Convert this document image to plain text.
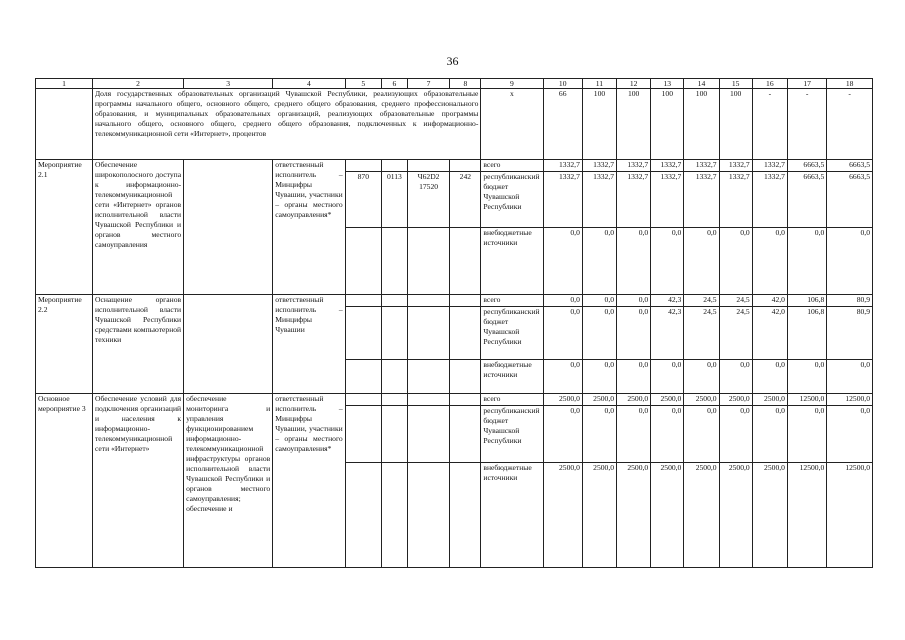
36
1	2	3	4	5	6	7	8	9	10	11	12	13	14	15	16	17	18
	Доля государственных образовательных организаций Чувашской Республики, реализующих образовательные программы начального общего, основного общего, среднего общего образования, среднего профессионального образования, и муниципальных образовательных организаций, реализующих образовательные программы начального общего, основного общего, среднего общего образования, подключенных к информационно-телекоммуникационной сети «Интернет», процентов							x	66	100	100	100	100	100	-	-	-
Мероприятие 2.1	Обеспечение широкополосного доступа к информационно-телекоммуникационной сети «Интернет» органов исполнительной власти Чувашской Республики и органов местного самоуправления		ответственный исполнитель – Минцифры Чувашии, участники – органы местного самоуправления*					всего	1332,7	1332,7	1332,7	1332,7	1332,7	1332,7	1332,7	6663,5	6663,5
				870	0113	Ч62D2 17520	242	республиканский бюджет Чувашской Республики	1332,7	1332,7	1332,7	1332,7	1332,7	1332,7	1332,7	6663,5	6663,5
								внебюджетные источники	0,0	0,0	0,0	0,0	0,0	0,0	0,0	0,0	0,0
Мероприятие 2.2	Оснащение органов исполнительной власти Чувашской Республики средствами компьютерной техники		ответственный исполнитель – Минцифры Чувашии					всего	0,0	0,0	0,0	42,3	24,5	24,5	42,0	106,8	80,9
								республиканский бюджет Чувашской Республики	0,0	0,0	0,0	42,3	24,5	24,5	42,0	106,8	80,9
								внебюджетные источники	0,0	0,0	0,0	0,0	0,0	0,0	0,0	0,0	0,0
Основное мероприятие 3	Обеспечение условий для подключения организаций и населения к информационно-телекоммуникационной сети «Интернет»	обеспечение мониторинга и управления функционированием информационно-телекоммуникационной инфраструктуры органов исполнительной власти Чувашской Республики и органов местного самоуправления; обеспечение и	ответственный исполнитель – Минцифры Чувашии, участники – органы местного самоуправления*					всего	2500,0	2500,0	2500,0	2500,0	2500,0	2500,0	2500,0	12500,0	12500,0
								республиканский бюджет Чувашской Республики	0,0	0,0	0,0	0,0	0,0	0,0	0,0	0,0	0,0
								внебюджетные источники	2500,0	2500,0	2500,0	2500,0	2500,0	2500,0	2500,0	12500,0	12500,0
